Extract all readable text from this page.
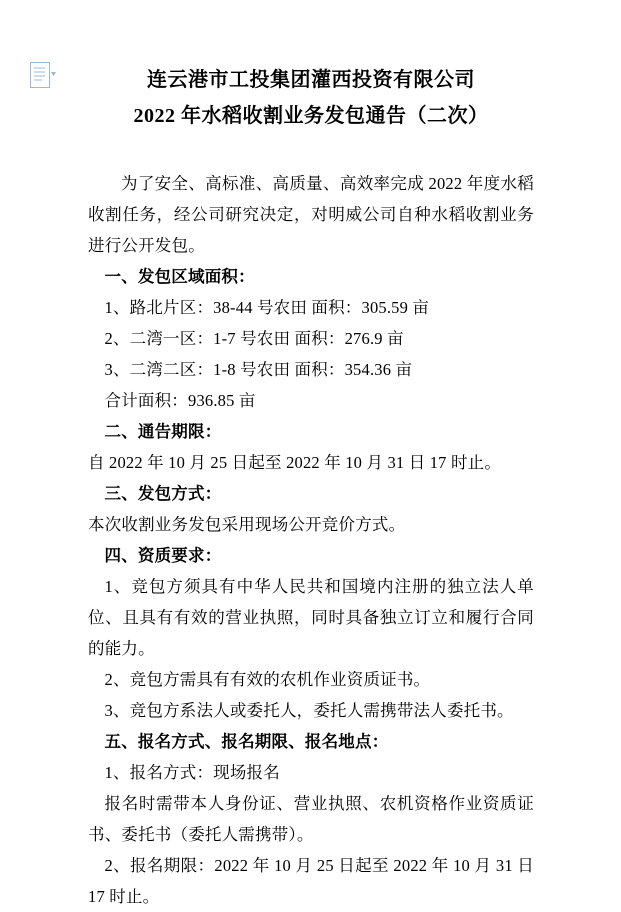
连云港市工投集团灌西投资有限公司
2022 年水稻收割业务发包通告（二次）

为了安全、高标准、高质量、高效率完成 2022 年度水稻收割任务，经公司研究决定，对明威公司自种水稻收割业务进行公开发包。

一、发包区域面积：

1、路北片区：38-44 号农田 面积：305.59 亩

2、二湾一区：1-7 号农田 面积：276.9 亩

3、二湾二区：1-8 号农田 面积：354.36 亩

合计面积：936.85 亩

二、通告期限：

自 2022 年 10 月 25 日起至 2022 年 10 月 31 日 17 时止。

三、发包方式：

本次收割业务发包采用现场公开竞价方式。

四、资质要求：

1、竞包方须具有中华人民共和国境内注册的独立法人单位、且具有有效的营业执照，同时具备独立订立和履行合同的能力。

2、竞包方需具有有效的农机作业资质证书。

3、竞包方系法人或委托人，委托人需携带法人委托书。

五、报名方式、报名期限、报名地点：

1、报名方式：现场报名

报名时需带本人身份证、营业执照、农机资格作业资质证书、委托书（委托人需携带）。

2、报名期限：2022 年 10 月 25 日起至 2022 年 10 月 31 日 17 时止。
